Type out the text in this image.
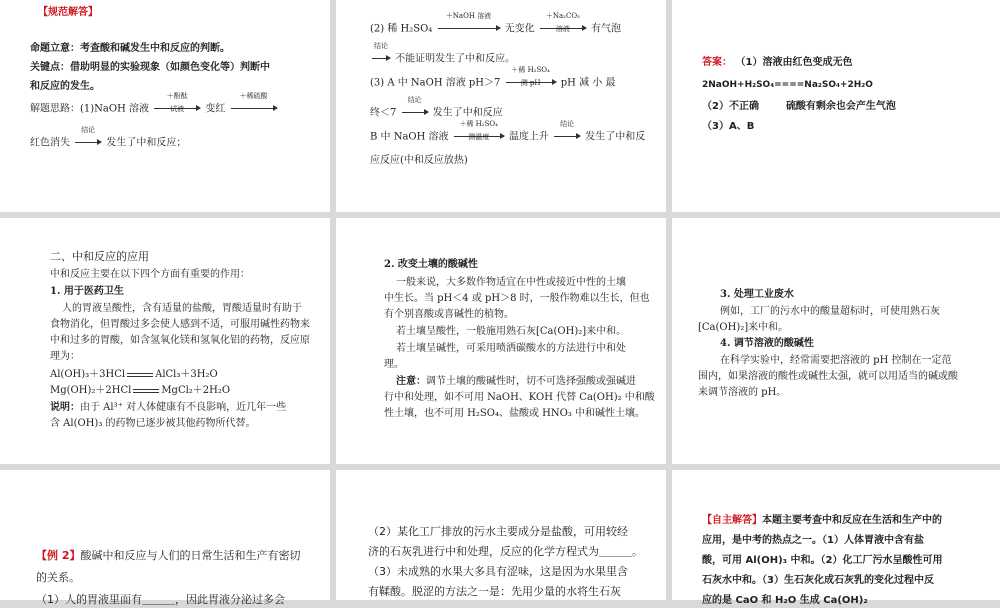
【规范解答】
命题立意：考查酸和碱发生中和反应的判断。
关键点：借助明显的实验现象（如颜色变化等）判断中
和反应的发生。
解题思路：(1)NaOH 溶液
＋酚酞
试液	变红
＋稀硫酸
红色消失
结论
发生了中和反应；
(2) 稀 H₂SO₄
＋NaOH 溶液
无变化
＋Na₂CO₃
溶液	有气泡
结论
不能证明发生了中和反应。
(3) A 中 NaOH 溶液 pH＞7
＋稀 H₂SO₄
测 pH	pH 减 小 最
终＜7
结论
发生了中和反应
B 中 NaOH 溶液
＋稀 H₂SO₄
测温度	温度上升
结论
发生了中和反
应反应(中和反应放热)
答案： （1）溶液由红色变成无色
2NaOH+H₂SO₄====Na₂SO₄+2H₂O
（2）不正确	硫酸有剩余也会产生气泡
（3）A、B
二、中和反应的应用
中和反应主要在以下四个方面有重要的作用：
1. 用于医药卫生
人的胃液呈酸性，含有适量的盐酸，胃酸适量时有助于
食物消化，但胃酸过多会使人感到不适，可服用碱性药物来
中和过多的胃酸，如含氢氧化镁和氢氧化铝的药物，反应原
理为：
Al(OH)₃＋3HCl	AlCl₃＋3H₂O
Mg(OH)₂＋2HCl	MgCl₂＋2H₂O
说明：由于 Al³⁺ 对人体健康有不良影响，近几年一些
含 Al(OH)₃ 的药物已逐步被其他药物所代替。
2. 改变土壤的酸碱性
一般来说，大多数作物适宜在中性或接近中性的土壤
中生长。当 pH＜4 或 pH＞8 时，一般作物难以生长，但也
有个别喜酸或喜碱性的植物。
若土壤呈酸性，一般施用熟石灰[Ca(OH)₂]来中和。
若土壤呈碱性，可采用喷洒碳酸水的方法进行中和处
理。
注意：调节土壤的酸碱性时，切不可选择强酸或强碱进
行中和处理，如不可用 NaOH、KOH 代替 Ca(OH)₂ 中和酸
性土壤，也不可用 H₂SO₄、盐酸或 HNO₃ 中和碱性土壤。
3. 处理工业废水
例如，工厂的污水中的酸量超标时，可使用熟石灰
[Ca(OH)₂]来中和。
4. 调节溶液的酸碱性
在科学实验中，经常需要把溶液的 pH 控制在一定范
围内，如果溶液的酸性或碱性太强，就可以用适当的碱或酸
来调节溶液的 pH。
【例 2】酸碱中和反应与人们的日常生活和生产有密切
的关系。
（1）人的胃液里面有＿＿＿，因此胃液分泌过多会
（2）某化工厂排放的污水主要成分是盐酸，可用较经
济的石灰乳进行中和处理，反应的化学方程式为＿＿＿。
（3）未成熟的水果大多具有涩味，这是因为水果里含
有鞣酸。脱涩的方法之一是：先用少量的水将生石灰
【自主解答】本题主要考查中和反应在生活和生产中的
应用，是中考的热点之一。（1）人体胃液中含有盐
酸，可用 Al(OH)₃ 中和。（2）化工厂污水呈酸性可用
石灰水中和。（3）生石灰化成石灰乳的变化过程中反
应的是 CaO 和 H₂O 生成 Ca(OH)₂
